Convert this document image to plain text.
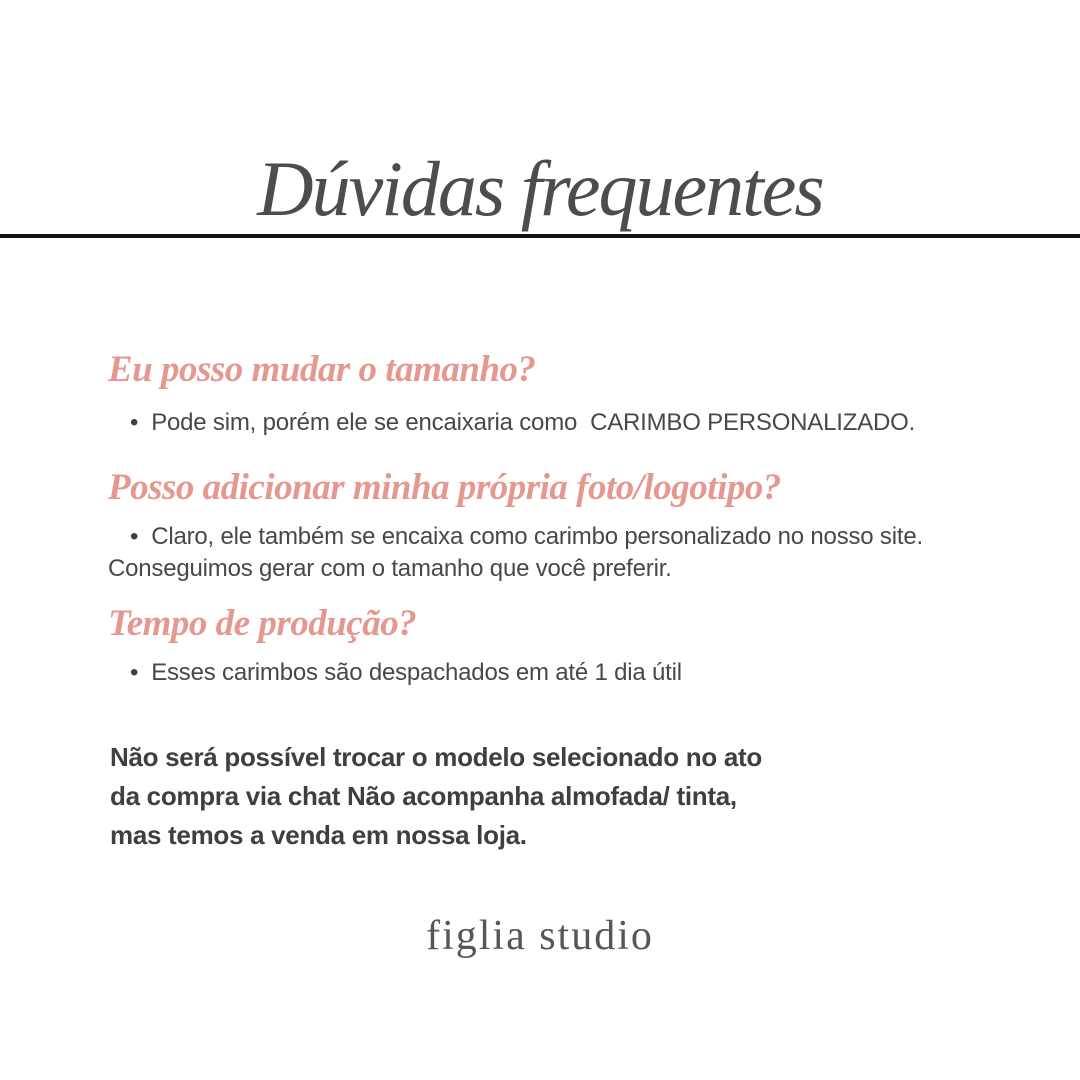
Dúvidas frequentes
Eu posso mudar o tamanho?

• Pode sim, porém ele se encaixaria como  CARIMBO PERSONALIZADO.

Posso adicionar minha própria foto/logotipo?

• Claro, ele também se encaixa como carimbo personalizado no nosso site.

Conseguimos gerar com o tamanho que você preferir.

Tempo de produção?

• Esses carimbos são despachados em até 1 dia útil

Não será possível trocar o modelo selecionado no ato
da compra via chat Não acompanha almofada/ tinta,
mas temos a venda em nossa loja.
figlia studio
